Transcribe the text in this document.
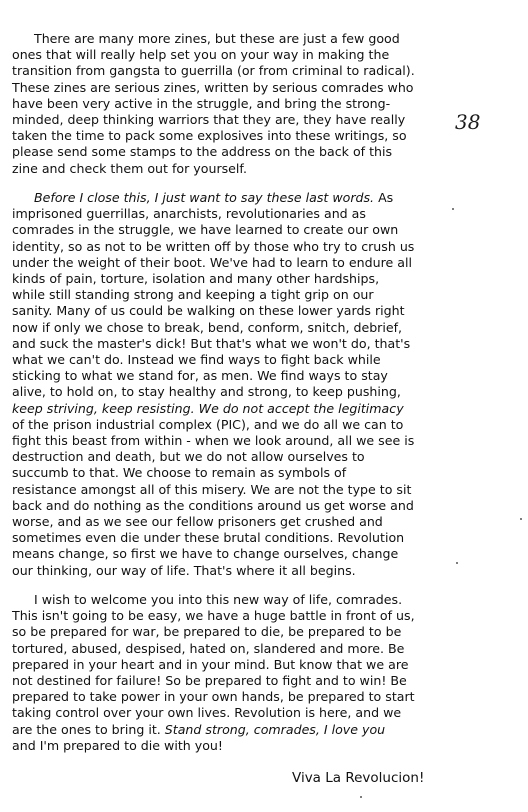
38
There are many more zines, but these are just a few good
ones that will really help set you on your way in making the
transition from gangsta to guerrilla (or from criminal to radical).
These zines are serious zines, written by serious comrades who
have been very active in the struggle, and bring the strong-
minded, deep thinking warriors that they are, they have really
taken the time to pack some explosives into these writings, so
please send some stamps to the address on the back of this
zine and check them out for yourself.
Before I close this, I just want to say these last words. As
imprisoned guerrillas, anarchists, revolutionaries and as
comrades in the struggle, we have learned to create our own
identity, so as not to be written off by those who try to crush us
under the weight of their boot. We've had to learn to endure all
kinds of pain, torture, isolation and many other hardships,
while still standing strong and keeping a tight grip on our
sanity. Many of us could be walking on these lower yards right
now if only we chose to break, bend, conform, snitch, debrief,
and suck the master's dick! But that's what we won't do, that's
what we can't do. Instead we find ways to fight back while
sticking to what we stand for, as men. We find ways to stay
alive, to hold on, to stay healthy and strong, to keep pushing,
keep striving, keep resisting. We do not accept the legitimacy
of the prison industrial complex (PIC), and we do all we can to
fight this beast from within - when we look around, all we see is
destruction and death, but we do not allow ourselves to
succumb to that. We choose to remain as symbols of
resistance amongst all of this misery. We are not the type to sit
back and do nothing as the conditions around us get worse and
worse, and as we see our fellow prisoners get crushed and
sometimes even die under these brutal conditions. Revolution
means change, so first we have to change ourselves, change
our thinking, our way of life. That's where it all begins.
I wish to welcome you into this new way of life, comrades.
This isn't going to be easy, we have a huge battle in front of us,
so be prepared for war, be prepared to die, be prepared to be
tortured, abused, despised, hated on, slandered and more. Be
prepared in your heart and in your mind. But know that we are
not destined for failure! So be prepared to fight and to win! Be
prepared to take power in your own hands, be prepared to start
taking control over your own lives. Revolution is here, and we
are the ones to bring it. Stand strong, comrades, I love you
and I'm prepared to die with you!
Viva La Revolucion!
